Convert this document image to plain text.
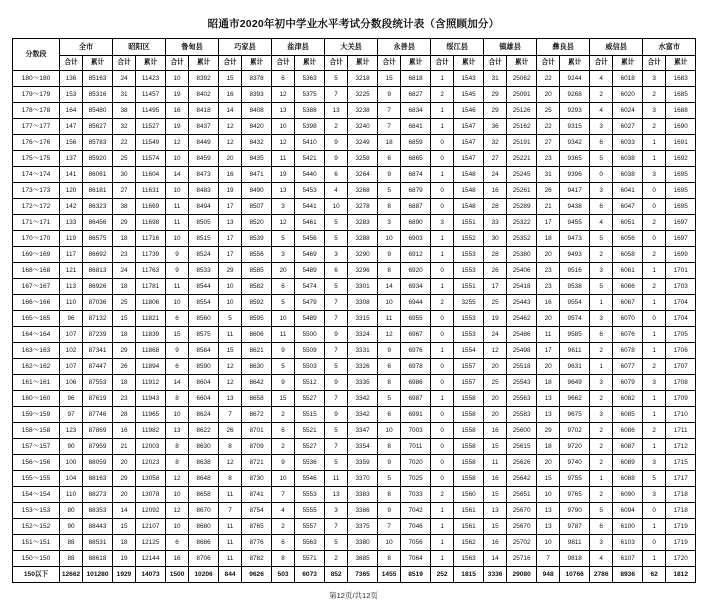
昭通市2020年初中学业水平考试分数段统计表（含照顾加分）
分数段	全市		昭阳区		鲁甸县		巧家县		盐津县		大关县		永善县		绥江县		镇雄县		彝良县		威信县		水富市	
	合计	累计	合计	累计	合计	累计	合计	累计	合计	累计	合计	累计	合计	累计	合计	累计	合计	累计	合计	累计	合计	累计	合计	累计
180～180	136	85163	24	11423	10	8392	15	8378	6	5363	5	3218	15	6818	1	1543	31	25062	22	9244	4	6018	3	1683
179～179	153	85316	31	11457	19	8402	16	8393	12	5375	7	3225	9	6827	2	1545	29	25091	20	9268	2	6020	2	1685
178～178	164	85480	38	11495	16	8418	14	8408	13	5388	13	3238	7	6834	1	1546	29	25126	25	9293	4	6024	3	1688
177～177	147	85627	32	11527	19	8437	12	8420	10	5398	2	3240	7	6841	1	1547	36	25162	22	9315	3	6027	2	1690
176～176	156	85783	22	11549	12	8449	12	8432	12	5410	9	3249	18	6859	0	1547	32	25191	27	9342	6	6033	1	1691
175～175	137	85920	25	11574	10	8459	20	8435	11	5421	9	3258	6	6865	0	1547	27	25221	23	9365	5	6038	1	1692
174～174	141	86061	30	11604	14	8473	16	8471	19	5440	6	3264	9	6874	1	1548	24	25245	31	9396	0	6038	3	1695
173～173	120	86181	27	11631	10	8483	19	8490	13	5453	4	3268	5	6879	0	1548	16	25261	26	9417	3	6041	0	1695
172～172	142	86323	38	11669	11	8494	17	8507	3	5441	10	3278	8	6887	0	1548	28	25289	21	9438	6	6047	0	1695
171～171	133	86456	29	11698	11	8505	13	8520	12	5461	5	3283	3	6890	3	1551	33	25322	17	9455	4	6051	2	1697
170～170	119	86575	18	11716	10	8515	17	8539	5	5456	5	3288	10	6903	1	1552	30	25352	18	9473	5	6056	0	1697
169～169	117	86692	23	11739	9	8524	17	8556	3	5469	3	3290	9	6912	1	1553	28	25380	20	9493	2	6058	2	1699
168～168	121	86813	24	11763	9	8533	29	8585	20	5489	6	3296	8	6920	0	1553	26	25406	23	9516	3	6061	1	1701
167～167	113	86926	18	11781	11	8544	10	8582	6	5474	5	3301	14	6934	1	1551	17	25418	23	9538	5	6066	2	1703
166～166	110	87036	25	11806	10	8554	10	8592	5	5479	7	3308	10	6944	2	3255	25	25443	16	9554	1	6067	1	1704
165～165	96	87132	15	11821	6	8560	5	8595	10	5489	7	3315	11	6955	0	1553	19	25462	20	9574	3	6070	0	1704
164～164	107	87239	18	11839	15	8575	11	8606	11	5500	9	3324	12	6967	0	1553	24	25486	11	9585	6	6076	1	1705
163～163	102	87341	29	11868	9	8584	15	8621	9	5509	7	3331	9	6976	1	1554	12	25498	17	9611	2	6078	1	1706
162～162	107	87447	26	11894	6	8590	12	8630	5	5503	5	3326	6	6978	0	1557	20	25518	20	9631	1	6077	2	1707
161～161	106	87553	18	11912	14	8604	12	8642	9	5512	9	3335	8	6986	0	1557	25	25543	18	9649	3	6079	3	1708
160～160	96	87619	23	11943	8	6604	13	8658	15	5527	7	3342	5	6987	1	1558	20	25563	13	9662	2	6082	1	1709
159～159	97	87746	28	11965	10	8624	7	8672	2	5515	9	3342	6	6991	0	1558	20	25583	13	9675	3	6085	1	1710
158～158	123	87869	16	11982	13	8622	26	8701	6	5521	5	3347	10	7003	0	1558	16	25600	29	9702	2	6086	2	1711
157～157	90	87959	21	12003	8	8630	8	8709	2	5527	7	3354	8	7011	0	1558	15	25615	18	9720	2	6087	1	1712
156～156	100	88059	20	12023	8	8638	12	8721	9	5536	5	3359	9	7020	0	1558	11	25626	20	9740	2	6089	3	1715
155～155	104	88163	29	13058	12	8648	8	8730	10	5546	11	3370	5	7025	0	1558	16	25642	15	9755	1	6088	5	1717
154～154	110	88273	20	13078	10	8658	11	8741	7	5553	13	3383	8	7033	2	1560	15	25651	10	9765	2	6090	3	1718
153～153	80	88353	14	12092	12	8670	7	8754	4	5555	3	3386	9	7042	1	1561	13	25670	13	9790	5	6094	0	1718
152～152	90	88443	15	12107	10	8680	11	8765	2	5557	7	3375	7	7046	1	1561	15	25670	13	9787	6	6100	1	1719
151～151	88	88531	18	12125	6	8686	11	8776	6	5563	5	3380	10	7056	1	1562	16	25702	10	9811	3	6103	0	1719
150～150	88	88618	19	12144	16	8706	11	8782	8	5571	2	3885	8	7064	1	1563	14	25716	7	9818	4	6107	1	1720
150以下	12662	101280	1929	14073	1500	10206	844	9626	503	6073	852	7365	1455	8519	252	1815	3336	29080	948	10766	2786	8936	62	1812
第12页/共12页
